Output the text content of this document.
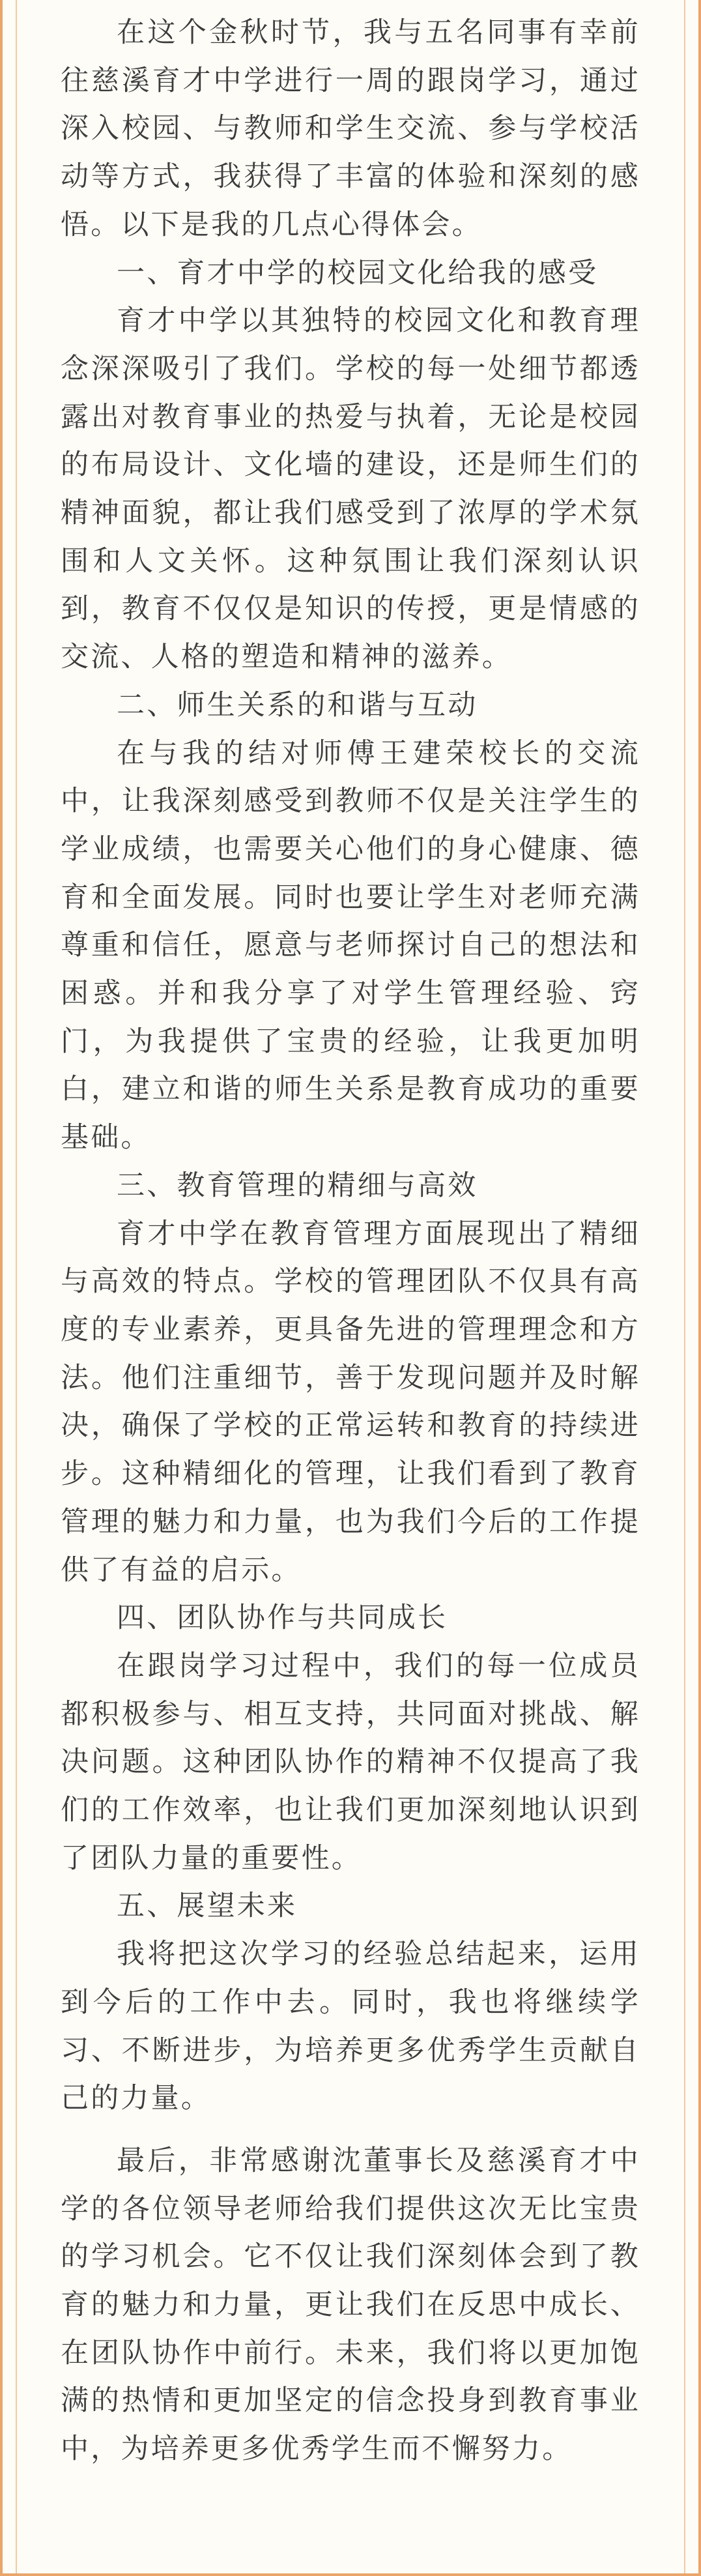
在这个金秋时节，我与五名同事有幸前往慈溪育才中学进行一周的跟岗学习，通过深入校园、与教师和学生交流、参与学校活动等方式，我获得了丰富的体验和深刻的感悟。以下是我的几点心得体会。

一、育才中学的校园文化给我的感受

育才中学以其独特的校园文化和教育理念深深吸引了我们。学校的每一处细节都透露出对教育事业的热爱与执着，无论是校园的布局设计、文化墙的建设，还是师生们的精神面貌，都让我们感受到了浓厚的学术氛围和人文关怀。这种氛围让我们深刻认识到，教育不仅仅是知识的传授，更是情感的交流、人格的塑造和精神的滋养。

二、师生关系的和谐与互动

在与我的结对师傅王建荣校长的交流中，让我深刻感受到教师不仅是关注学生的学业成绩，也需要关心他们的身心健康、德育和全面发展。同时也要让学生对老师充满尊重和信任，愿意与老师探讨自己的想法和困惑。并和我分享了对学生管理经验、窍门，为我提供了宝贵的经验，让我更加明白，建立和谐的师生关系是教育成功的重要基础。

三、教育管理的精细与高效

育才中学在教育管理方面展现出了精细与高效的特点。学校的管理团队不仅具有高度的专业素养，更具备先进的管理理念和方法。他们注重细节，善于发现问题并及时解决，确保了学校的正常运转和教育的持续进步。这种精细化的管理，让我们看到了教育管理的魅力和力量，也为我们今后的工作提供了有益的启示。

四、团队协作与共同成长

在跟岗学习过程中，我们的每一位成员都积极参与、相互支持，共同面对挑战、解决问题。这种团队协作的精神不仅提高了我们的工作效率，也让我们更加深刻地认识到了团队力量的重要性。

五、展望未来

我将把这次学习的经验总结起来，运用到今后的工作中去。同时，我也将继续学习、不断进步，为培养更多优秀学生贡献自己的力量。

最后，非常感谢沈董事长及慈溪育才中学的各位领导老师给我们提供这次无比宝贵的学习机会。它不仅让我们深刻体会到了教育的魅力和力量，更让我们在反思中成长、在团队协作中前行。未来，我们将以更加饱满的热情和更加坚定的信念投身到教育事业中，为培养更多优秀学生而不懈努力。
